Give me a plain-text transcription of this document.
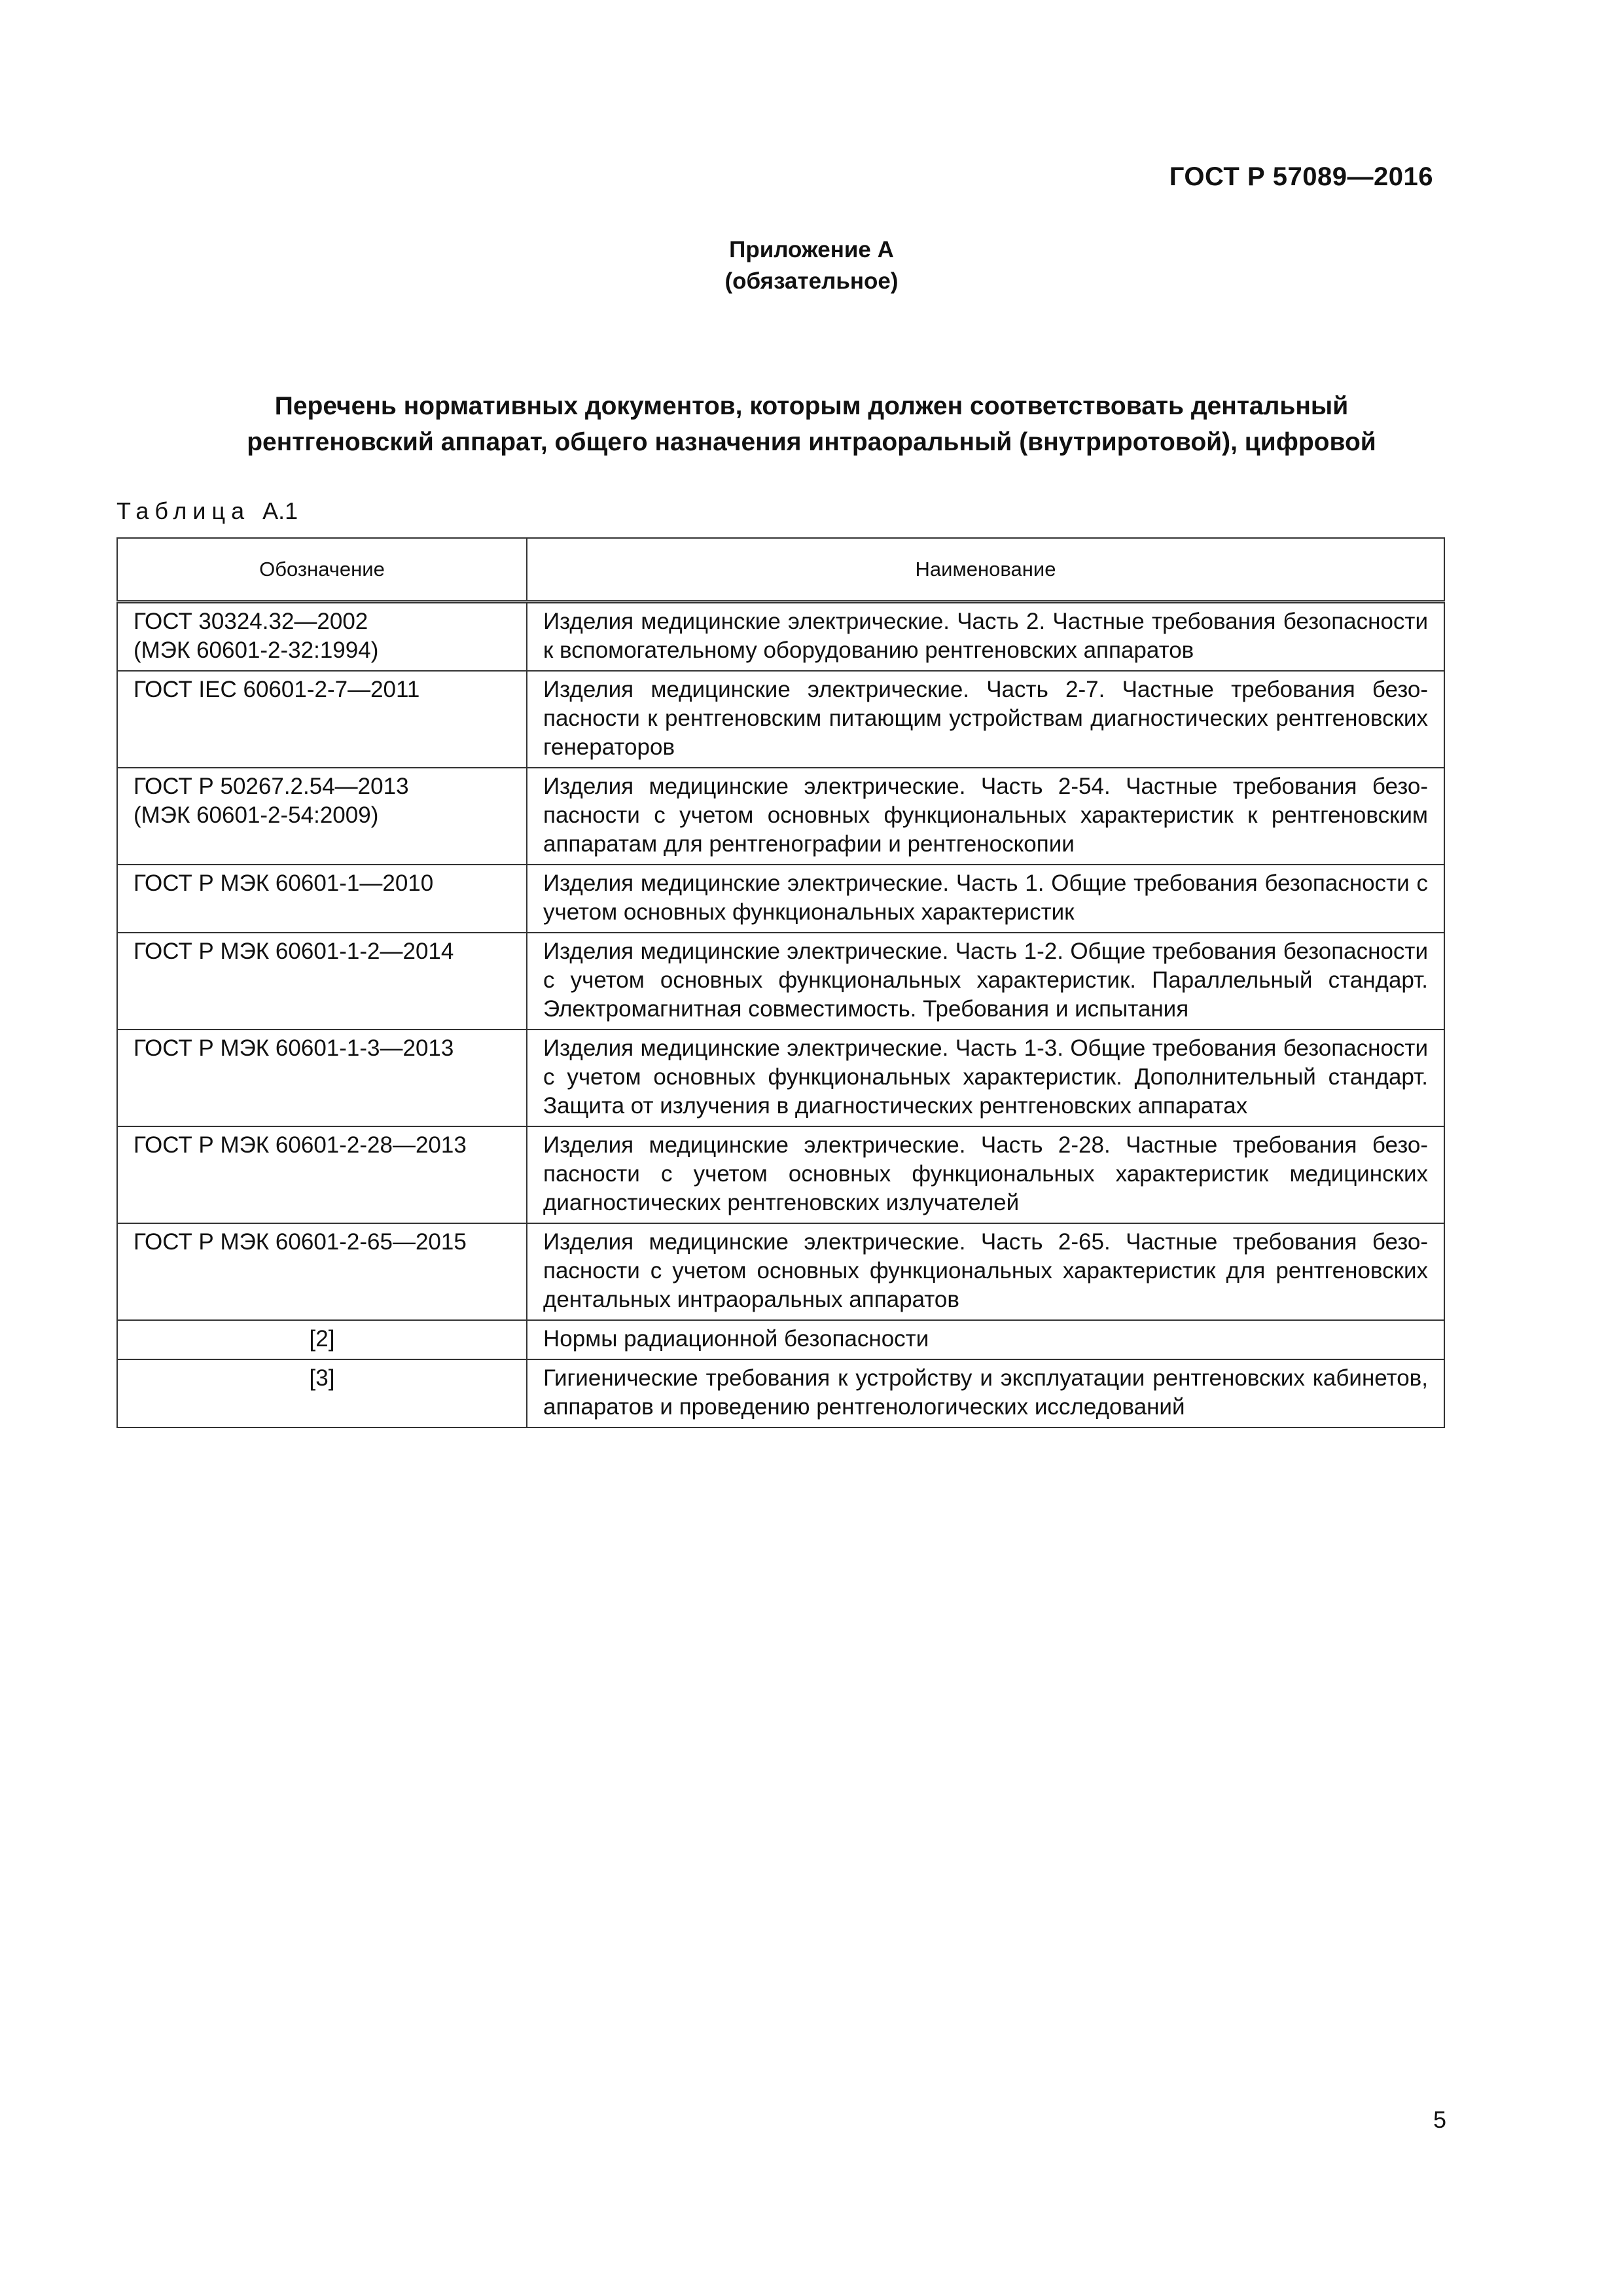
ГОСТ Р 57089—2016
Приложение А
(обязательное)
Перечень нормативных документов, которым должен соответствовать дентальный
рентгеновский аппарат, общего назначения интраоральный (внутриротовой), цифровой
Таблица А.1
Обозначение	Наименование
ГОСТ 30324.32—2002
(МЭК 60601-2-32:1994)	Изделия медицинские электрические. Часть 2. Частные требования безопасности к вспомогательному оборудованию рентгеновских аппаратов
ГОСТ IEC 60601-2-7—2011	Изделия медицинские электрические. Часть 2-7. Частные требования безопасности к рентгеновским питающим устройствам диагностических рентгеновских генераторов
ГОСТ Р 50267.2.54—2013
(МЭК 60601-2-54:2009)	Изделия медицинские электрические. Часть 2-54. Частные требования безопасности с учетом основных функциональных характеристик к рентгеновским аппаратам для рентгенографии и рентгеноскопии
ГОСТ Р МЭК 60601-1—2010	Изделия медицинские электрические. Часть 1. Общие требования безопасности с учетом основных функциональных характеристик
ГОСТ Р МЭК 60601-1-2—2014	Изделия медицинские электрические. Часть 1-2. Общие требования безопасности с учетом основных функциональных характеристик. Параллельный стандарт. Электромагнитная совместимость. Требования и испытания
ГОСТ Р МЭК 60601-1-3—2013	Изделия медицинские электрические. Часть 1-3. Общие требования безопасности с учетом основных функциональных характеристик. Дополнительный стандарт. Защита от излучения в диагностических рентгеновских аппаратах
ГОСТ Р МЭК 60601-2-28—2013	Изделия медицинские электрические. Часть 2-28. Частные требования безопасности с учетом основных функциональных характеристик медицинских диагностических рентгеновских излучателей
ГОСТ Р МЭК 60601-2-65—2015	Изделия медицинские электрические. Часть 2-65. Частные требования безопасности с учетом основных функциональных характеристик для рентгеновских дентальных интраоральных аппаратов
[2]	Нормы радиационной безопасности
[3]	Гигиенические требования к устройству и эксплуатации рентгеновских кабинетов, аппаратов и проведению рентгенологических исследований
5
